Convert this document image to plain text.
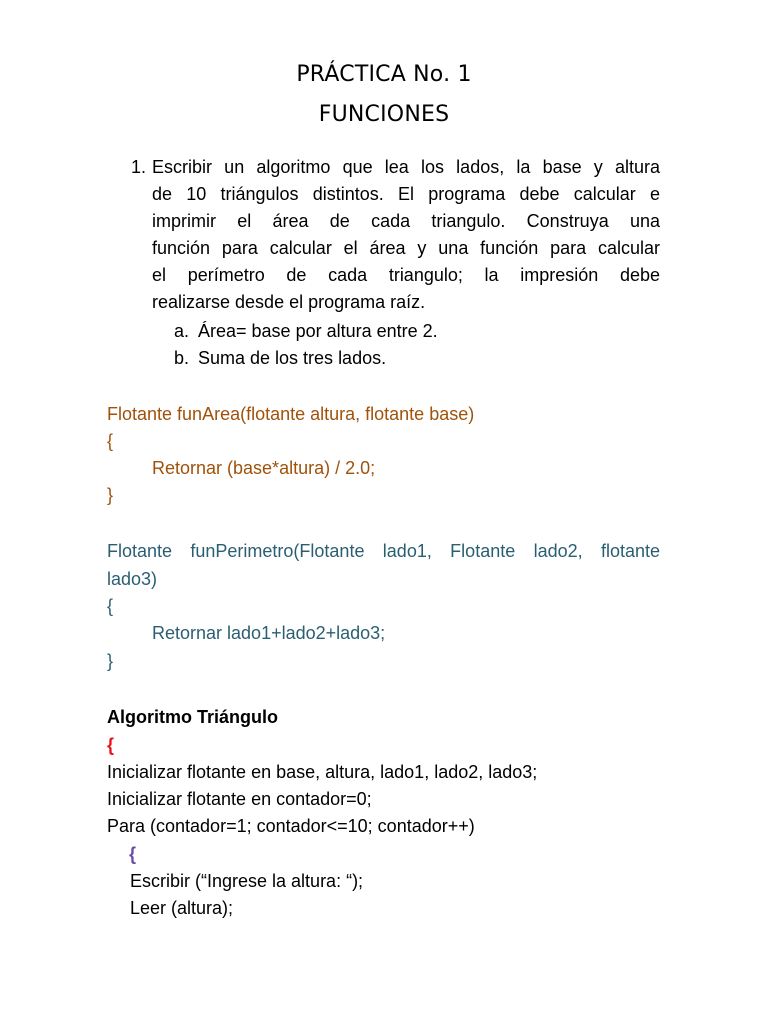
PRÁCTICA No. 1
FUNCIONES
1. Escribir un algoritmo que lea los lados, la base y altura
de 10 triángulos distintos. El programa debe calcular e
imprimir el área de cada triangulo. Construya una
función para calcular el área y una función para calcular
el perímetro de cada triangulo; la impresión debe
realizarse desde el programa raíz.
a. Área= base por altura entre 2.
b. Suma de los tres lados.
Flotante funArea(flotante altura, flotante base)
{
Retornar (base*altura) / 2.0;
}
Flotante funPerimetro(Flotante lado1, Flotante lado2, flotante
lado3)
{
Retornar lado1+lado2+lado3;
}
Algoritmo Triángulo
{
Inicializar flotante en base, altura, lado1, lado2, lado3;
Inicializar flotante en contador=0;
Para (contador=1; contador<=10; contador++)
{
Escribir (“Ingrese la altura: “);
Leer (altura);
